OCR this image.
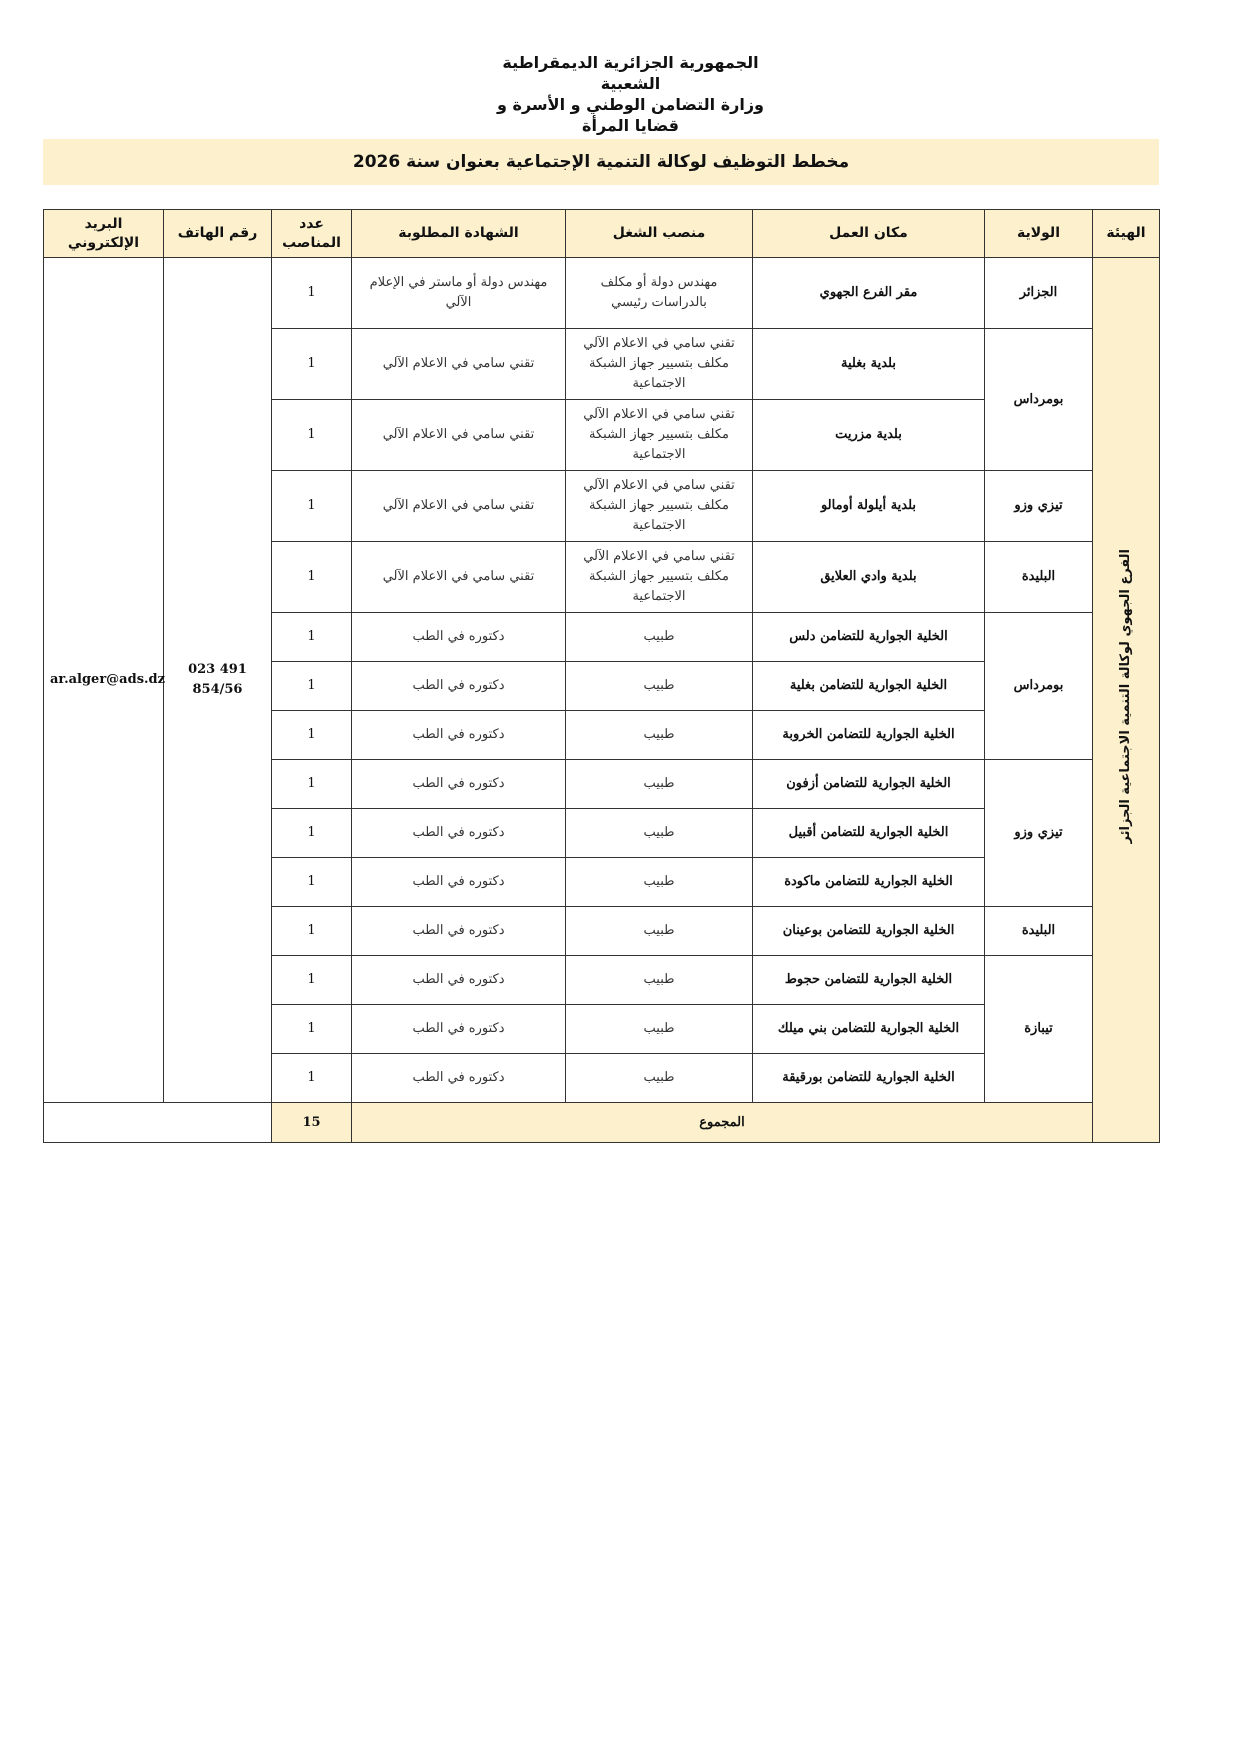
الجمهورية الجزائرية الديمقراطية الشعبية
وزارة التضامن الوطني و الأسرة و قضايا المرأة
مخطط التوظيف لوكالة التنمية الإجتماعية بعنوان سنة 2026
الهيئة	الولاية	مكان العمل	منصب الشغل	الشهادة المطلوبة	عدد المناصب	رقم الهاتف	البريد الإلكتروني
الفرع الجهوي لوكالة التنمية الاجتماعية الجزائر	الجزائر	مقر الفرع الجهوي	مهندس دولة أو مكلف بالدراسات رئيسي	مهندس دولة أو ماستر في الإعلام الآلي	1	023 491 854/56	ar.alger@ads.dz
	بومرداس	بلدية بغلية	تقني سامي في الاعلام الآلي مكلف بتسيير جهاز الشبكة الاجتماعية	تقني سامي في الاعلام الآلي	1		
		بلدية مزريت	تقني سامي في الاعلام الآلي مكلف بتسيير جهاز الشبكة الاجتماعية	تقني سامي في الاعلام الآلي	1		
	تيزي وزو	بلدية أيلولة أومالو	تقني سامي في الاعلام الآلي مكلف بتسيير جهاز الشبكة الاجتماعية	تقني سامي في الاعلام الآلي	1		
	البليدة	بلدية وادي العلايق	تقني سامي في الاعلام الآلي مكلف بتسيير جهاز الشبكة الاجتماعية	تقني سامي في الاعلام الآلي	1		
	بومرداس	الخلية الجوارية للتضامن دلس	طبيب	دكتوره في الطب	1		
		الخلية الجوارية للتضامن بغلية	طبيب	دكتوره في الطب	1		
		الخلية الجوارية للتضامن الخروبة	طبيب	دكتوره في الطب	1		
	تيزي وزو	الخلية الجوارية للتضامن أزفون	طبيب	دكتوره في الطب	1		
		الخلية الجوارية للتضامن أقبيل	طبيب	دكتوره في الطب	1		
		الخلية الجوارية للتضامن ماكودة	طبيب	دكتوره في الطب	1		
	البليدة	الخلية الجوارية للتضامن بوعينان	طبيب	دكتوره في الطب	1		
	تيبازة	الخلية الجوارية للتضامن حجوط	طبيب	دكتوره في الطب	1		
		الخلية الجوارية للتضامن بني ميلك	طبيب	دكتوره في الطب	1		
		الخلية الجوارية للتضامن بورقيقة	طبيب	دكتوره في الطب	1		
	المجموع				15		
